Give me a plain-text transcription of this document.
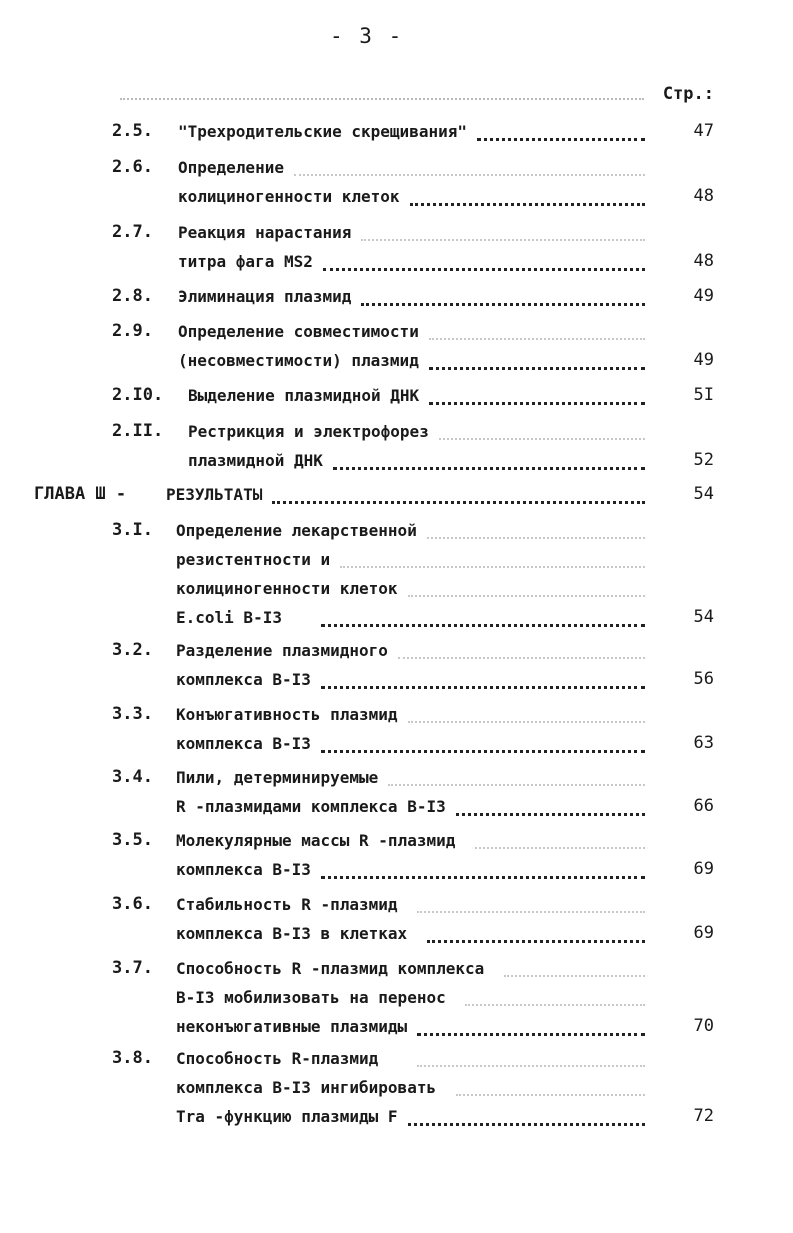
- 3 -
Стр.:
2.5. "Трехродительские скрещивания"	47
2.6. Определение
колициногенности клеток	48
2.7. Реакция нарастания
титра фага MS2	48
2.8. Элиминация плазмид	49
2.9. Определение совместимости
(несовместимости) плазмид	49
2.I0. Выделение плазмидной ДНК	5I
2.II. Рестрикция и электрофорез
плазмидной ДНК	52
ГЛАВА Ш - РЕЗУЛЬТАТЫ	54
3.I. Определение лекарственной
резистентности и
колициногенности клеток
E.coli B-I3	54
3.2. Разделение плазмидного
комплекса B-I3	56
3.3. Конъюгативность плазмид
комплекса B-I3	63
3.4. Пили, детерминируемые
R -плазмидами комплекса B-I3	66
3.5. Молекулярные массы R -плазмид
комплекса B-I3	69
3.6. Стабильность R -плазмид
комплекса B-I3 в клетках	69
3.7. Способность R -плазмид комплекса
B-I3 мобилизовать на перенос
неконъюгативные плазмиды	70
3.8. Способность R-плазмид
комплекса B-I3 ингибировать
Tra -функцию плазмиды F	72
